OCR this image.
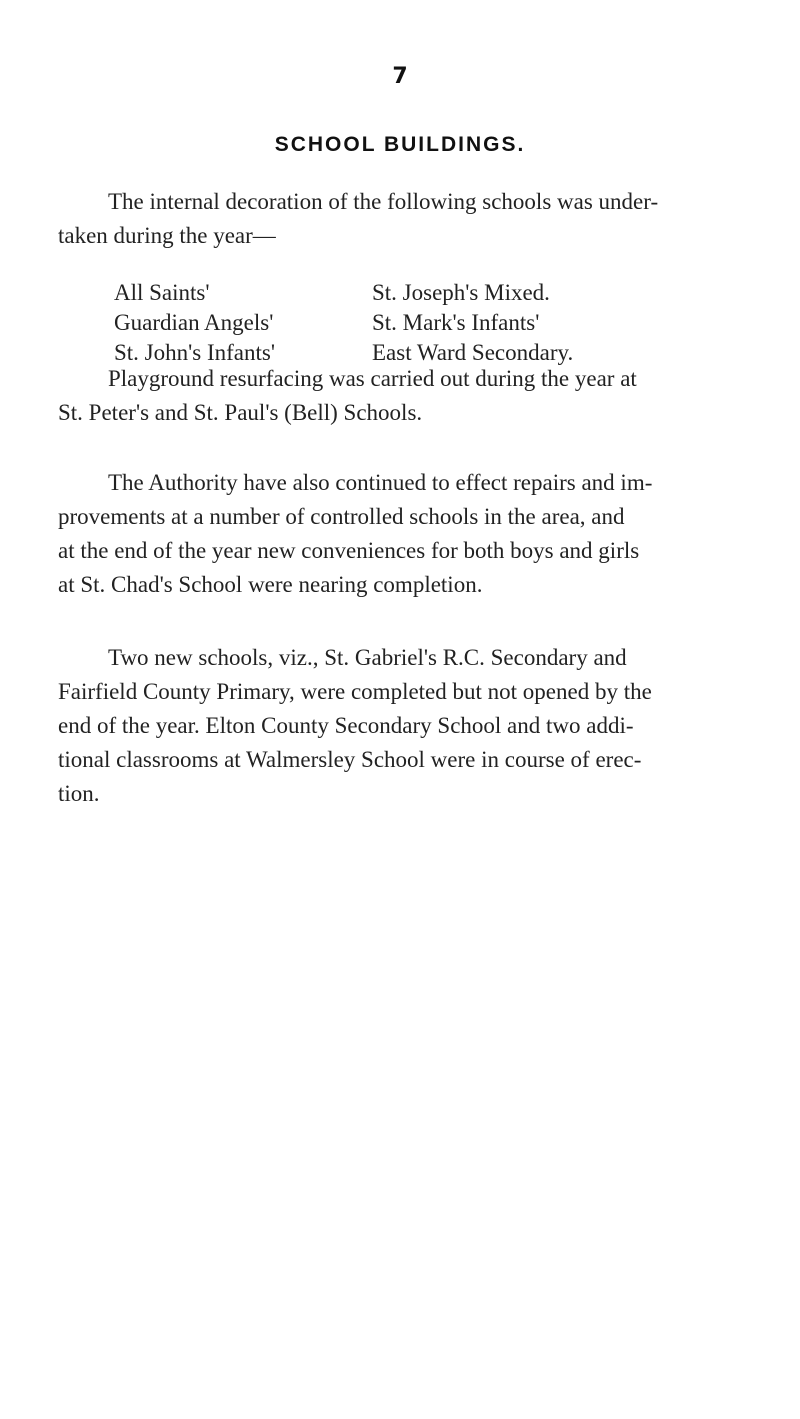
7
SCHOOL BUILDINGS.
The internal decoration of the following schools was under-
taken during the year—
All Saints'
Guardian Angels'
St. John's Infants'
St. Joseph's Mixed.
St. Mark's Infants'
East Ward Secondary.
Playground resurfacing was carried out during the year at
St. Peter's and St. Paul's (Bell) Schools.
The Authority have also continued to effect repairs and im-
provements at a number of controlled schools in the area, and
at the end of the year new conveniences for both boys and girls
at St. Chad's School were nearing completion.
Two new schools, viz., St. Gabriel's R.C. Secondary and
Fairfield County Primary, were completed but not opened by the
end of the year. Elton County Secondary School and two addi-
tional classrooms at Walmersley School were in course of erec-
tion.
